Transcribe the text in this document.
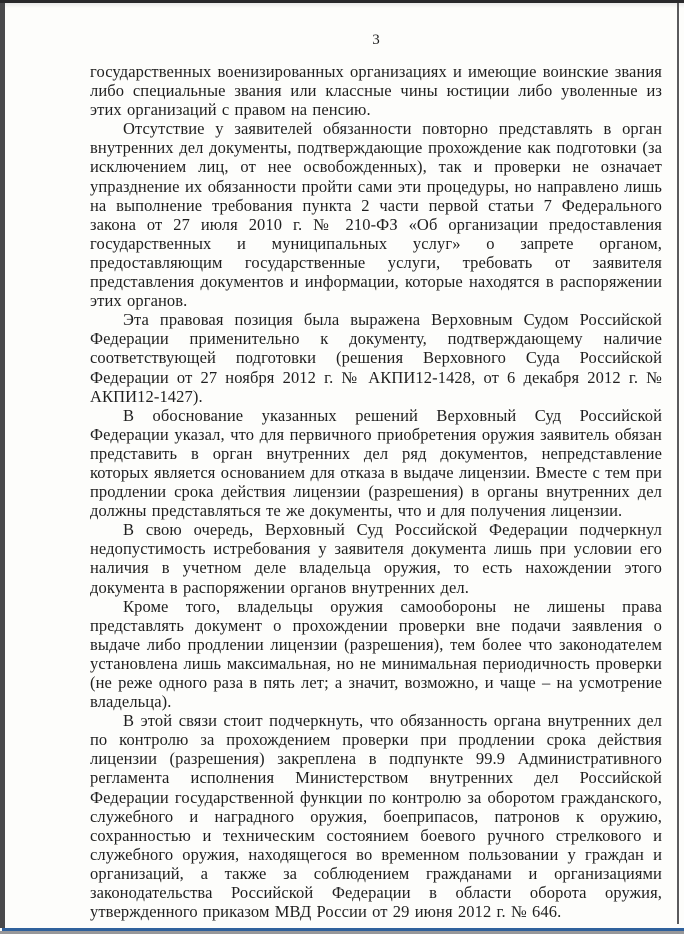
3

государственных военизированных организациях и имеющие воинские звания либо специальные звания или классные чины юстиции либо уволенные из этих организаций с правом на пенсию.

Отсутствие у заявителей обязанности повторно представлять в орган внутренних дел документы, подтверждающие прохождение как подготовки (за исключением лиц, от нее освобожденных), так и проверки не означает упразднение их обязанности пройти сами эти процедуры, но направлено лишь на выполнение требования пункта 2 части первой статьи 7 Федерального закона от 27 июля 2010 г. № 210-ФЗ «Об организации предоставления государственных и муниципальных услуг» о запрете органом, предоставляющим государственные услуги, требовать от заявителя представления документов и информации, которые находятся в распоряжении этих органов.

Эта правовая позиция была выражена Верховным Судом Российской Федерации применительно к документу, подтверждающему наличие соответствующей подготовки (решения Верховного Суда Российской Федерации от 27 ноября 2012 г. № АКПИ12-1428, от 6 декабря 2012 г. № АКПИ12-1427).

В обоснование указанных решений Верховный Суд Российской Федерации указал, что для первичного приобретения оружия заявитель обязан представить в орган внутренних дел ряд документов, непредставление которых является основанием для отказа в выдаче лицензии. Вместе с тем при продлении срока действия лицензии (разрешения) в органы внутренних дел должны представляться те же документы, что и для получения лицензии.

В свою очередь, Верховный Суд Российской Федерации подчеркнул недопустимость истребования у заявителя документа лишь при условии его наличия в учетном деле владельца оружия, то есть нахождении этого документа в распоряжении органов внутренних дел.

Кроме того, владельцы оружия самообороны не лишены права представлять документ о прохождении проверки вне подачи заявления о выдаче либо продлении лицензии (разрешения), тем более что законодателем установлена лишь максимальная, но не минимальная периодичность проверки (не реже одного раза в пять лет; а значит, возможно, и чаще – на усмотрение владельца).

В этой связи стоит подчеркнуть, что обязанность органа внутренних дел по контролю за прохождением проверки при продлении срока действия лицензии (разрешения) закреплена в подпункте 99.9 Административного регламента исполнения Министерством внутренних дел Российской Федерации государственной функции по контролю за оборотом гражданского, служебного и наградного оружия, боеприпасов, патронов к оружию, сохранностью и техническим состоянием боевого ручного стрелкового и служебного оружия, находящегося во временном пользовании у граждан и организаций, а также за соблюдением гражданами и организациями законодательства Российской Федерации в области оборота оружия, утвержденного приказом МВД России от 29 июня 2012 г. № 646.
